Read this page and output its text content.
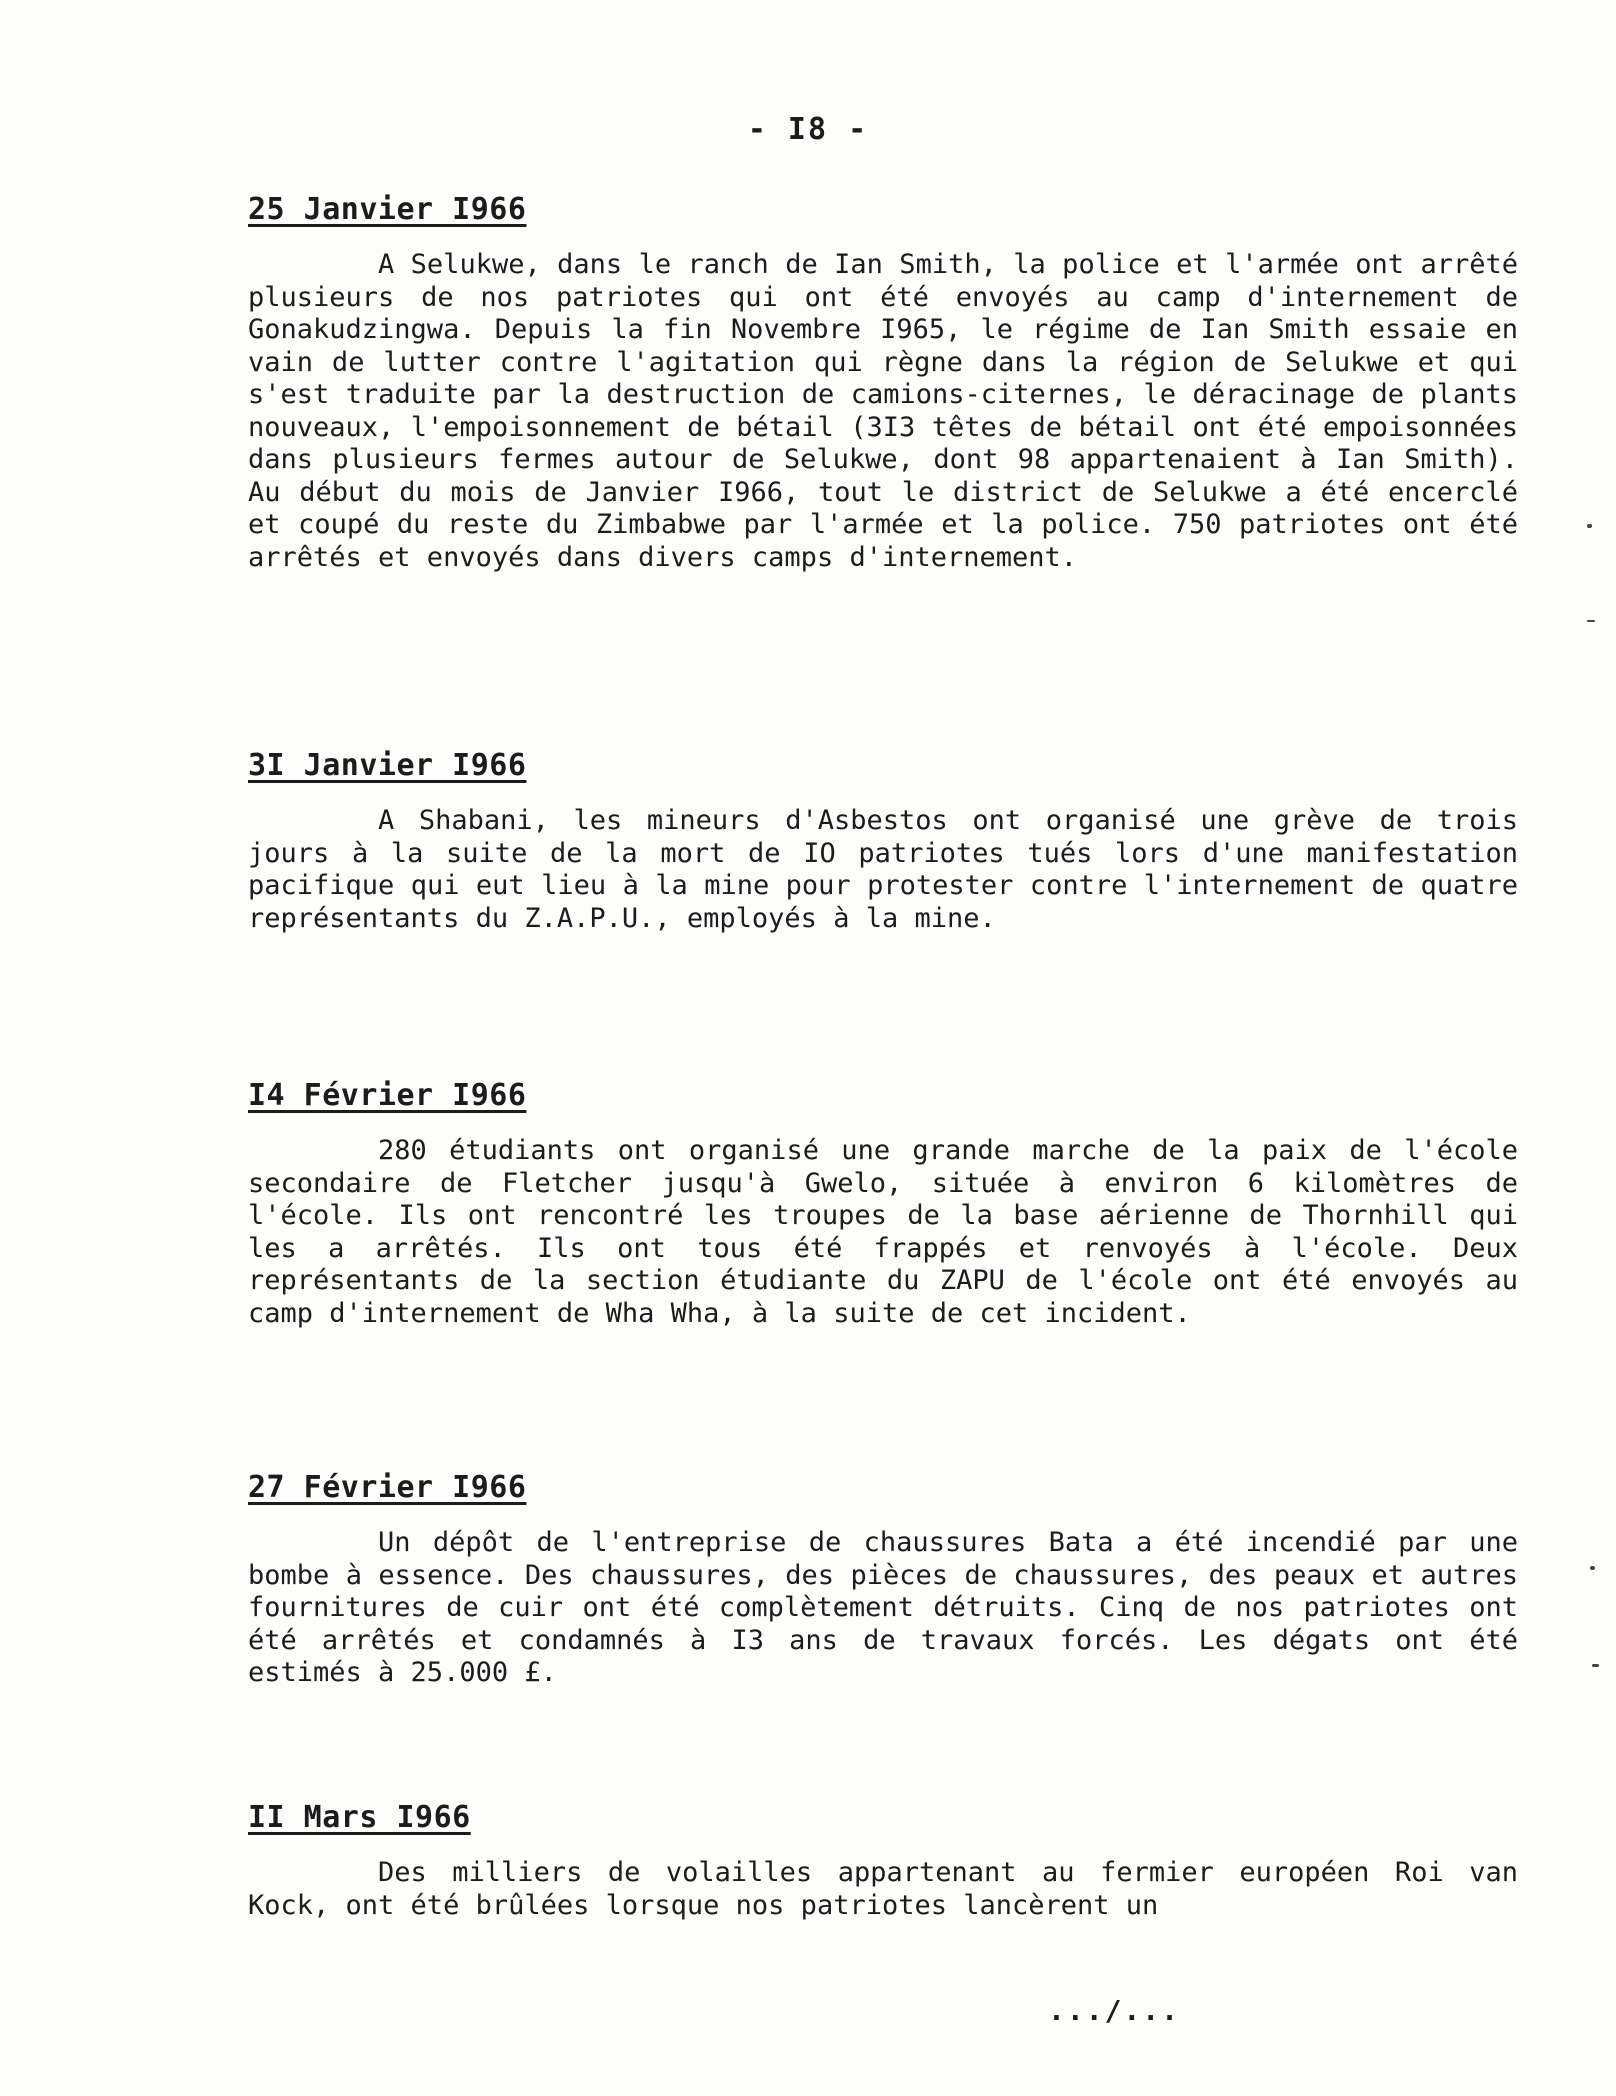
- I8 -
25 Janvier I966

A Selukwe, dans le ranch de Ian Smith, la police et l'armée ont arrêté plusieurs de nos patriotes qui ont été envoyés au camp d'internement de Gonakudzingwa. Depuis la fin Novembre I965, le régime de Ian Smith essaie en vain de lutter contre l'agitation qui règne dans la région de Selukwe et qui s'est traduite par la destruction de camions-citernes, le déracinage de plants nouveaux, l'empoisonnement de bétail (3I3 têtes de bétail ont été empoisonnées dans plusieurs fermes autour de Selukwe, dont 98 appartenaient à Ian Smith). Au début du mois de Janvier I966, tout le district de Selukwe a été encerclé et coupé du reste du Zimbabwe par l'armée et la police. 750 patriotes ont été arrêtés et envoyés dans divers camps d'internement.

3I Janvier I966

A Shabani, les mineurs d'Asbestos ont organisé une grève de trois jours à la suite de la mort de IO patriotes tués lors d'une manifestation pacifique qui eut lieu à la mine pour protester contre l'internement de quatre représentants du Z.A.P.U., employés à la mine.

I4 Février I966

280 étudiants ont organisé une grande marche de la paix de l'école secondaire de Fletcher jusqu'à Gwelo, située à environ 6 kilomètres de l'école. Ils ont rencontré les troupes de la base aérienne de Thornhill qui les a arrêtés. Ils ont tous été frappés et renvoyés à l'école. Deux représentants de la section étudiante du ZAPU de l'école ont été envoyés au camp d'internement de Wha Wha, à la suite de cet incident.

27 Février I966

Un dépôt de l'entreprise de chaussures Bata a été incendié par une bombe à essence. Des chaussures, des pièces de chaussures, des peaux et autres fournitures de cuir ont été complètement détruits. Cinq de nos patriotes ont été arrêtés et condamnés à I3 ans de travaux forcés. Les dégats ont été estimés à 25.000 £.

II Mars I966

Des milliers de volailles appartenant au fermier européen Roi van Kock, ont été brûlées lorsque nos patriotes lancèrent un

.../...
